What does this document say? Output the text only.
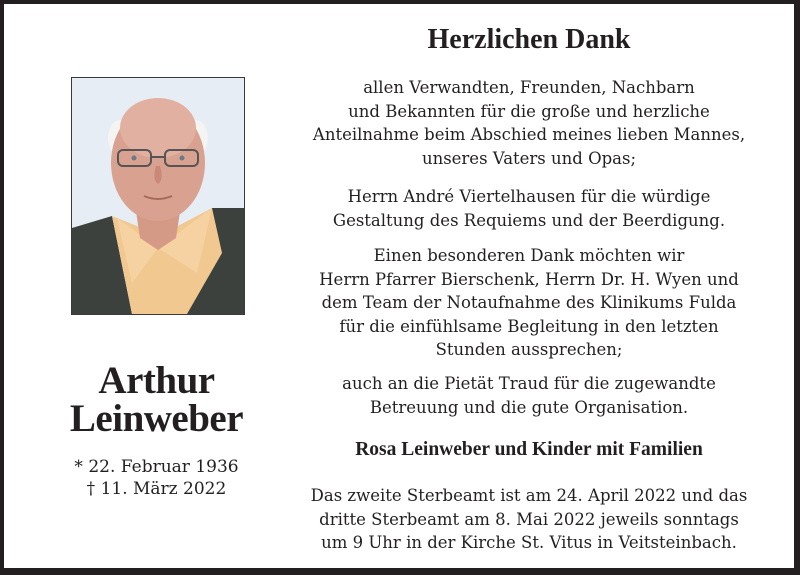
Arthur
Leinweber
* 22. Februar 1936
† 11. März 2022
Herzlichen Dank
allen Verwandten, Freunden, Nachbarn
und Bekannten für die große und herzliche
Anteilnahme beim Abschied meines lieben Mannes,
unseres Vaters und Opas;
Herrn André Viertelhausen für die würdige
Gestaltung des Requiems und der Beerdigung.
Einen besonderen Dank möchten wir
Herrn Pfarrer Bierschenk, Herrn Dr. H. Wyen und
dem Team der Notaufnahme des Klinikums Fulda
für die einfühlsame Begleitung in den letzten
Stunden aussprechen;
auch an die Pietät Traud für die zugewandte
Betreuung und die gute Organisation.
Rosa Leinweber und Kinder mit Familien
Das zweite Sterbeamt ist am 24. April 2022 und das
dritte Sterbeamt am 8. Mai 2022 jeweils sonntags
um 9 Uhr in der Kirche St. Vitus in Veitsteinbach.
